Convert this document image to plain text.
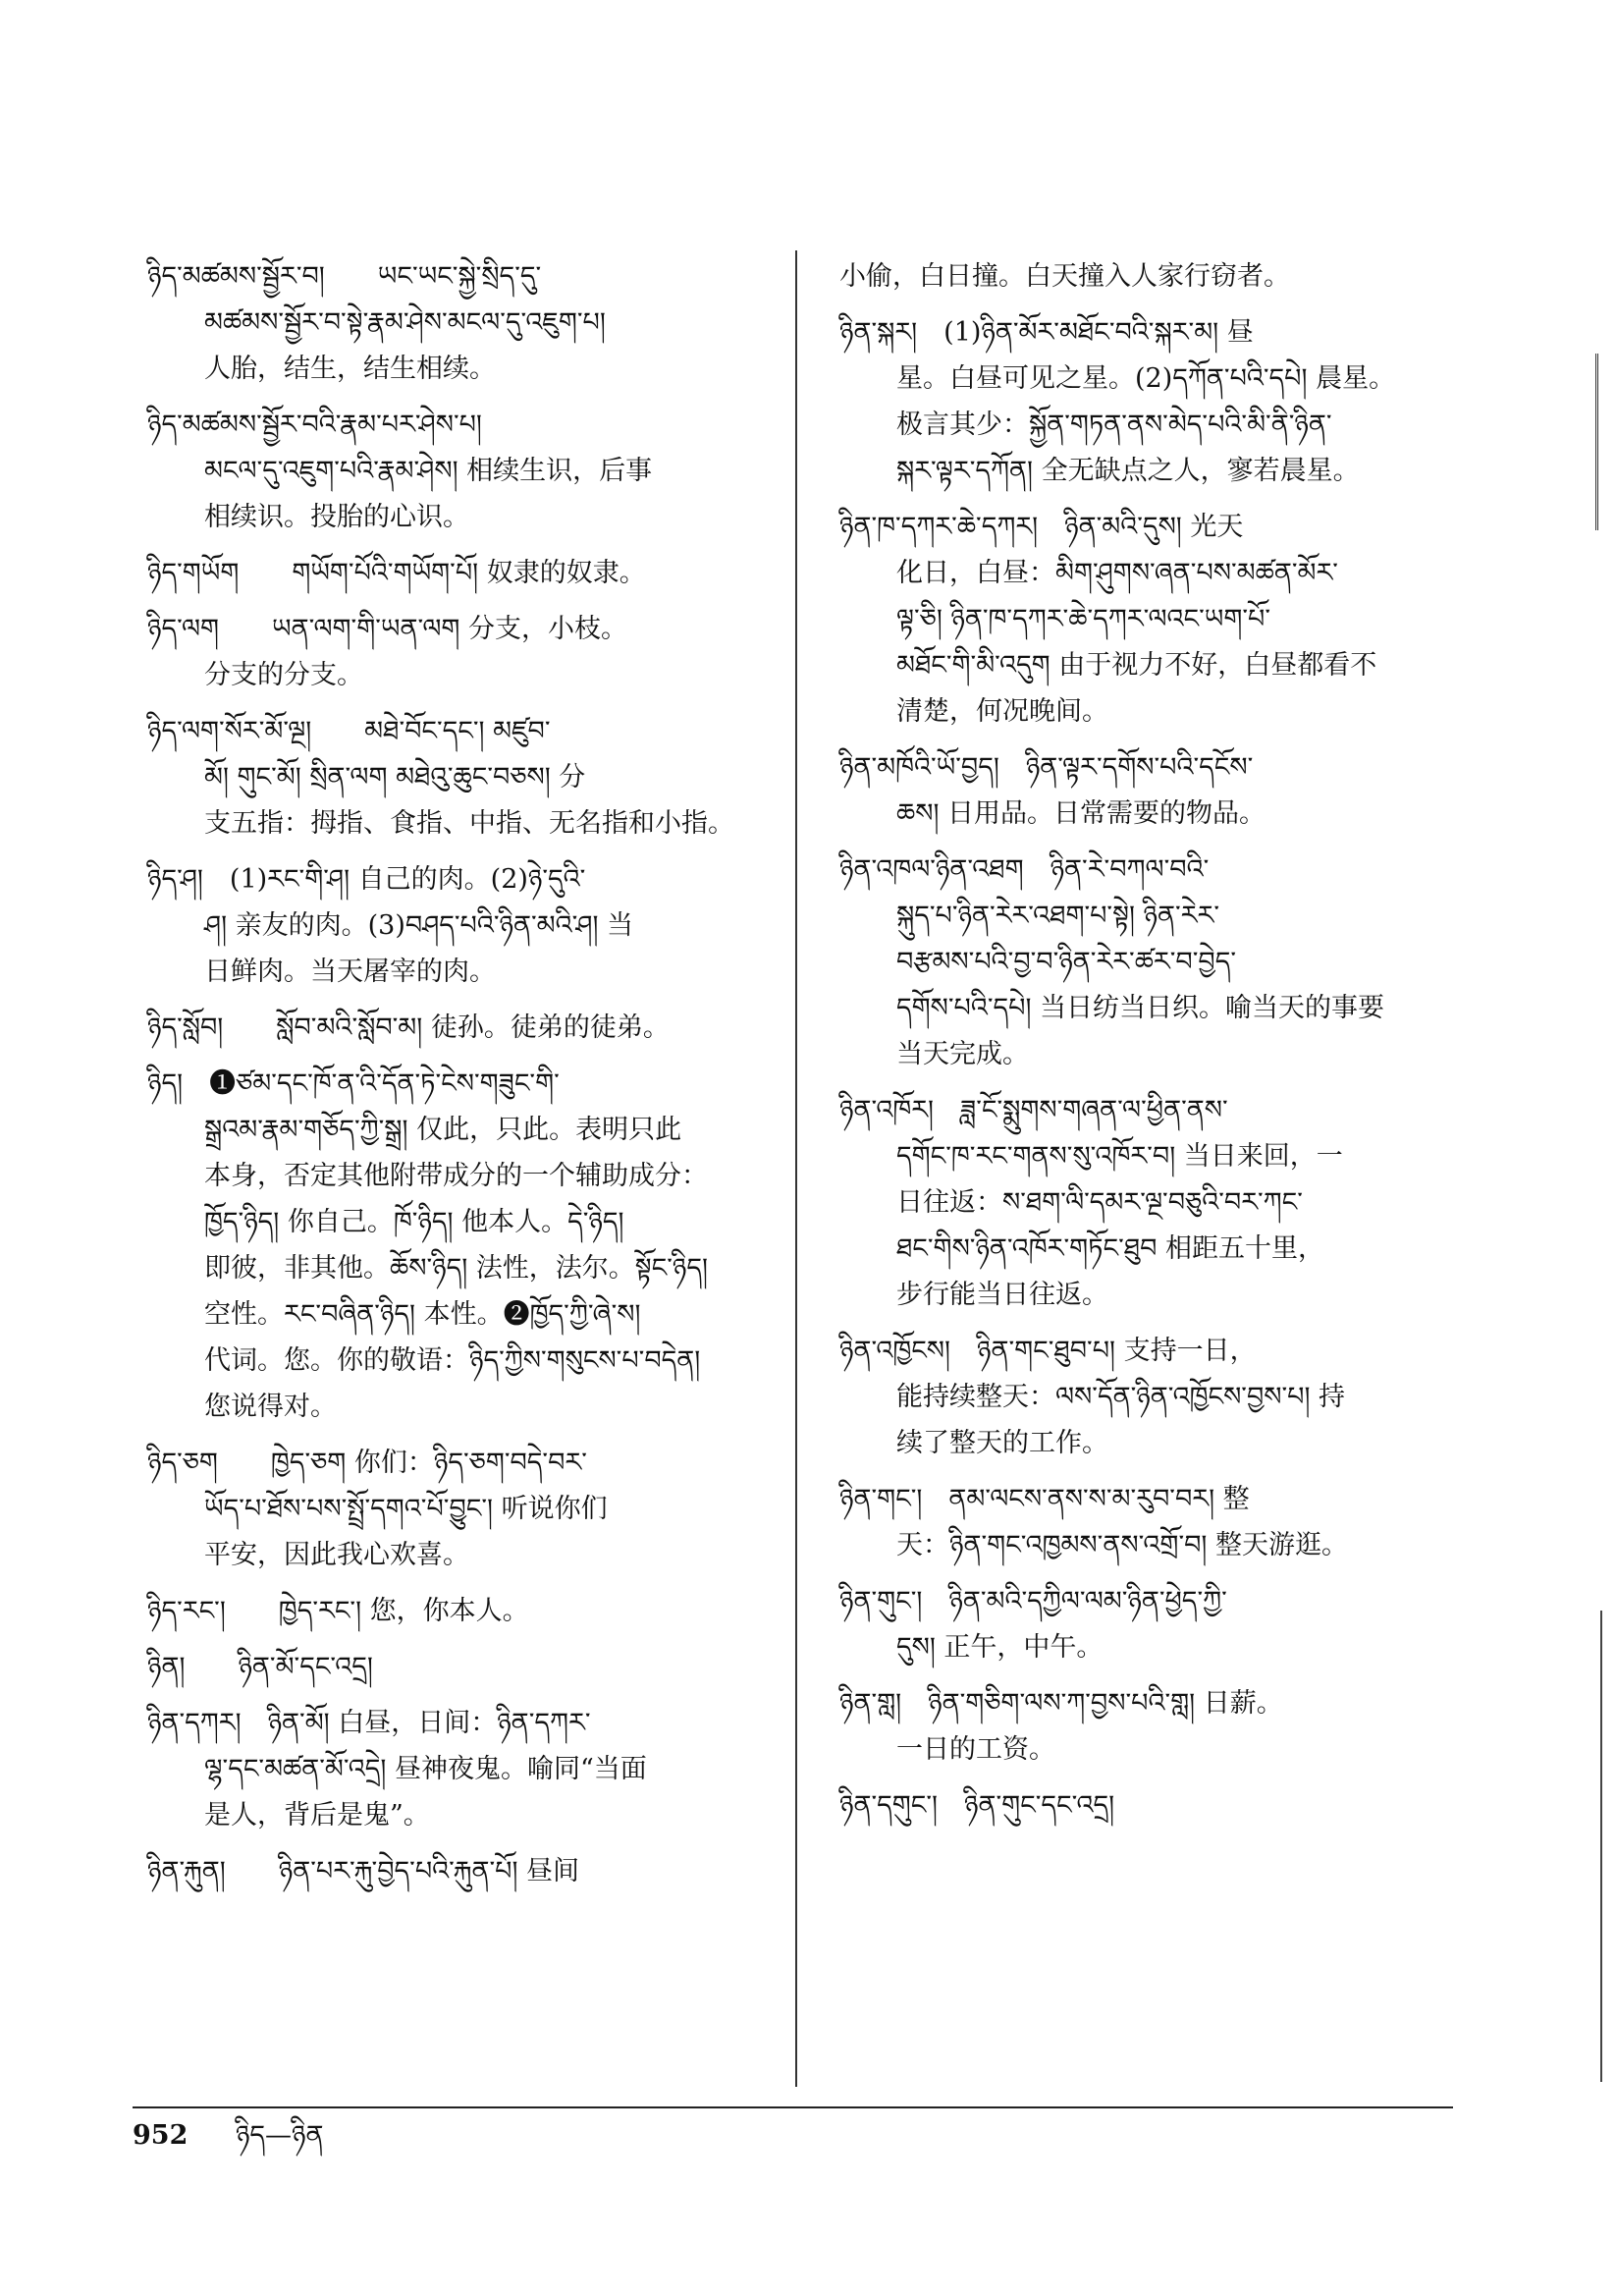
ཉིད་མཚམས་སྦྱོར་བ།　　ཡང་ཡང་སྐྱེ་སྲིད་དུ་
མཚམས་སྦྱོར་བ་སྟེ་རྣམ་ཤེས་མངལ་དུ་འཇུག་པ།
人胎，结生，结生相续。
ཉིད་མཚམས་སྦྱོར་བའི་རྣམ་པར་ཤེས་པ།
མངལ་དུ་འཇུག་པའི་རྣམ་ཤེས། 相续生识，后事
相续识。投胎的心识。
ཉིད་གཡོག　　གཡོག་པོའི་གཡོག་པོ། 奴隶的奴隶。
ཉིད་ལག　　ཡན་ལག་གི་ཡན་ལག 分支，小枝。
分支的分支。
ཉིད་ལག་སོར་མོ་ལྔ།　　མཐེ་བོང་དང་། མཛུབ་
མོ། གུང་མོ། སྲིན་ལག མཐེའུ་ཆུང་བཅས། 分
支五指：拇指、食指、中指、无名指和小指。
ཉིད་ཤ།　(1)རང་གི་ཤ། 自己的肉。(2)ཉེ་དུའི་
ཤ། 亲友的肉。(3)བཤད་པའི་ཉིན་མའི་ཤ། 当
日鲜肉。当天屠宰的肉。
ཉིད་སློབ།　　སློབ་མའི་སློབ་མ། 徒孙。徒弟的徒弟。
ཉིད།　❶ཙམ་དང་ཁོ་ན་འི་དོན་ཏེ་ངེས་གཟུང་གི་
སྒྲའམ་རྣམ་གཅོད་ཀྱི་སྒྲ། 仅此，只此。表明只此
本身，否定其他附带成分的一个辅助成分：
ཁྱོད་ཉིད། 你自己。ཁོ་ཉིད། 他本人。དེ་ཉིད།
即彼，非其他。ཆོས་ཉིད། 法性，法尔。སྟོང་ཉིད།
空性。རང་བཞིན་ཉིད། 本性。❷ཁྱོད་ཀྱི་ཞེ་ས།
代词。您。你的敬语：ཉིད་ཀྱིས་གསུངས་པ་བདེན།
您说得对。
ཉིད་ཅག　　ཁྱེད་ཅག 你们：ཉིད་ཅག་བདེ་བར་
ཡོད་པ་ཐོས་པས་སྤྲོ་དགའ་པོ་བྱུང་། 听说你们
平安，因此我心欢喜。
ཉིད་རང་།　　ཁྱེད་རང་། 您，你本人。
ཉིན།　　ཉིན་མོ་དང་འདྲ།
ཉིན་དཀར།　ཉིན་མོ། 白昼，日间：ཉིན་དཀར་
ལྷ་དང་མཚན་མོ་འདྲེ། 昼神夜鬼。喻同“当面
是人，背后是鬼”。
ཉིན་རྐུན།　　ཉིན་པར་རྐུ་བྱེད་པའི་རྐུན་པོ། 昼间
小偷，白日撞。白天撞入人家行窃者。
ཉིན་སྐར།　(1)ཉིན་མོར་མཐོང་བའི་སྐར་མ། 昼
星。白昼可见之星。(2)དཀོན་པའི་དཔེ། 晨星。
极言其少：སྐྱོན་གཏན་ནས་མེད་པའི་མི་ནི་ཉིན་
སྐར་ལྟར་དཀོན། 全无缺点之人，寥若晨星。
ཉིན་ཁ་དཀར་ཆེ་དཀར།　ཉིན་མའི་དུས། 光天
化日，白昼：མིག་ཤུགས་ཞན་པས་མཚན་མོར་
ལྟ་ཅི། ཉིན་ཁ་དཀར་ཆེ་དཀར་ལའང་ཡག་པོ་
མཐོང་གི་མི་འདུག 由于视力不好，白昼都看不
清楚，何况晚间。
ཉིན་མཁོའི་ཡོ་བྱད།　ཉིན་ལྟར་དགོས་པའི་དངོས་
ཆས། 日用品。日常需要的物品。
ཉིན་འཁལ་ཉིན་འཐག　ཉིན་རེ་བཀལ་བའི་
སྐུད་པ་ཉིན་རེར་འཐག་པ་སྟེ། ཉིན་རེར་
བརྩམས་པའི་བྱ་བ་ཉིན་རེར་ཚར་བ་བྱེད་
དགོས་པའི་དཔེ། 当日纺当日织。喻当天的事要
当天完成。
ཉིན་འཁོར།　ཟླ་ངོ་སྨུགས་གཞན་ལ་ཕྱིན་ནས་
དགོང་ཁ་རང་གནས་སུ་འཁོར་བ། 当日来回，一
日往返：ས་ཐག་ལི་དམར་ལྔ་བཅུའི་བར་ཀང་
ཐང་གིས་ཉིན་འཁོར་གཏོང་ཐུབ 相距五十里，
步行能当日往返。
ཉིན་འཁྱོངས།　ཉིན་གང་ཐུབ་པ། 支持一日，
能持续整天：ལས་དོན་ཉིན་འཁྱོངས་བྱས་པ། 持
续了整天的工作。
ཉིན་གང་།　ནམ་ལངས་ནས་ས་མ་རུབ་བར། 整
天：ཉིན་གང་འཁྱམས་ནས་འགྲོ་བ། 整天游逛。
ཉིན་གུང་།　ཉིན་མའི་དཀྱིལ་ལམ་ཉིན་ཕྱེད་ཀྱི་
དུས། 正午，中午。
ཉིན་གླ།　ཉིན་གཅིག་ལས་ཀ་བྱས་པའི་གླ། 日薪。
一日的工资。
ཉིན་དགུང་།　ཉིན་གུང་དང་འདྲ།
952 ཉིད—ཉིན
